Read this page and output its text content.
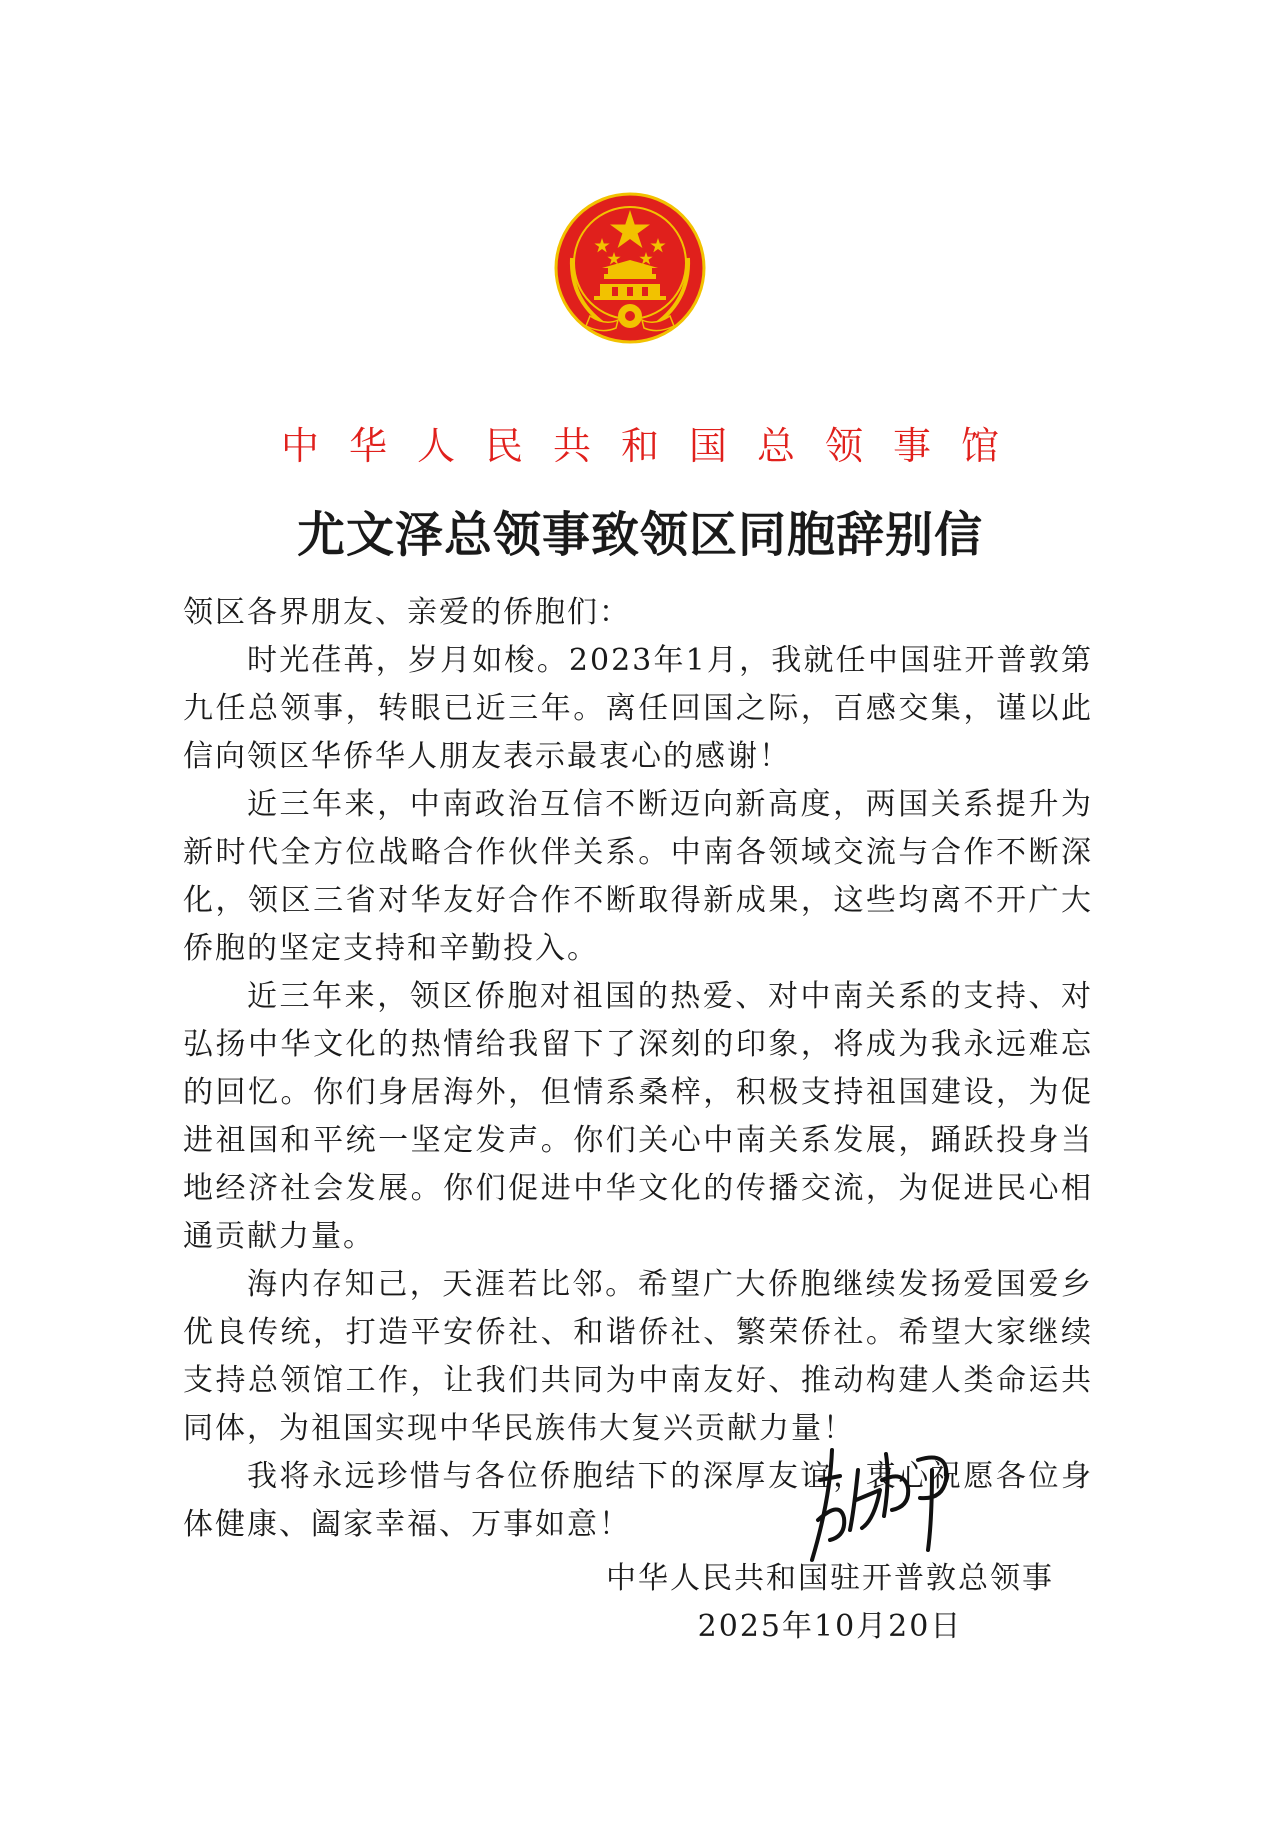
中华人民共和国总领事馆
尤文泽总领事致领区同胞辞别信

领区各界朋友、亲爱的侨胞们：

时光荏苒，岁月如梭。2023年1月，我就任中国驻开普敦第九任总领事，转眼已近三年。离任回国之际，百感交集，谨以此信向领区华侨华人朋友表示最衷心的感谢！

近三年来，中南政治互信不断迈向新高度，两国关系提升为新时代全方位战略合作伙伴关系。中南各领域交流与合作不断深化，领区三省对华友好合作不断取得新成果，这些均离不开广大侨胞的坚定支持和辛勤投入。

近三年来，领区侨胞对祖国的热爱、对中南关系的支持、对弘扬中华文化的热情给我留下了深刻的印象，将成为我永远难忘的回忆。你们身居海外，但情系桑梓，积极支持祖国建设，为促进祖国和平统一坚定发声。你们关心中南关系发展，踊跃投身当地经济社会发展。你们促进中华文化的传播交流，为促进民心相通贡献力量。

海内存知己，天涯若比邻。希望广大侨胞继续发扬爱国爱乡优良传统，打造平安侨社、和谐侨社、繁荣侨社。希望大家继续支持总领馆工作，让我们共同为中南友好、推动构建人类命运共同体，为祖国实现中华民族伟大复兴贡献力量！

我将永远珍惜与各位侨胞结下的深厚友谊，衷心祝愿各位身体健康、阖家幸福、万事如意！

中华人民共和国驻开普敦总领事
2025年10月20日
